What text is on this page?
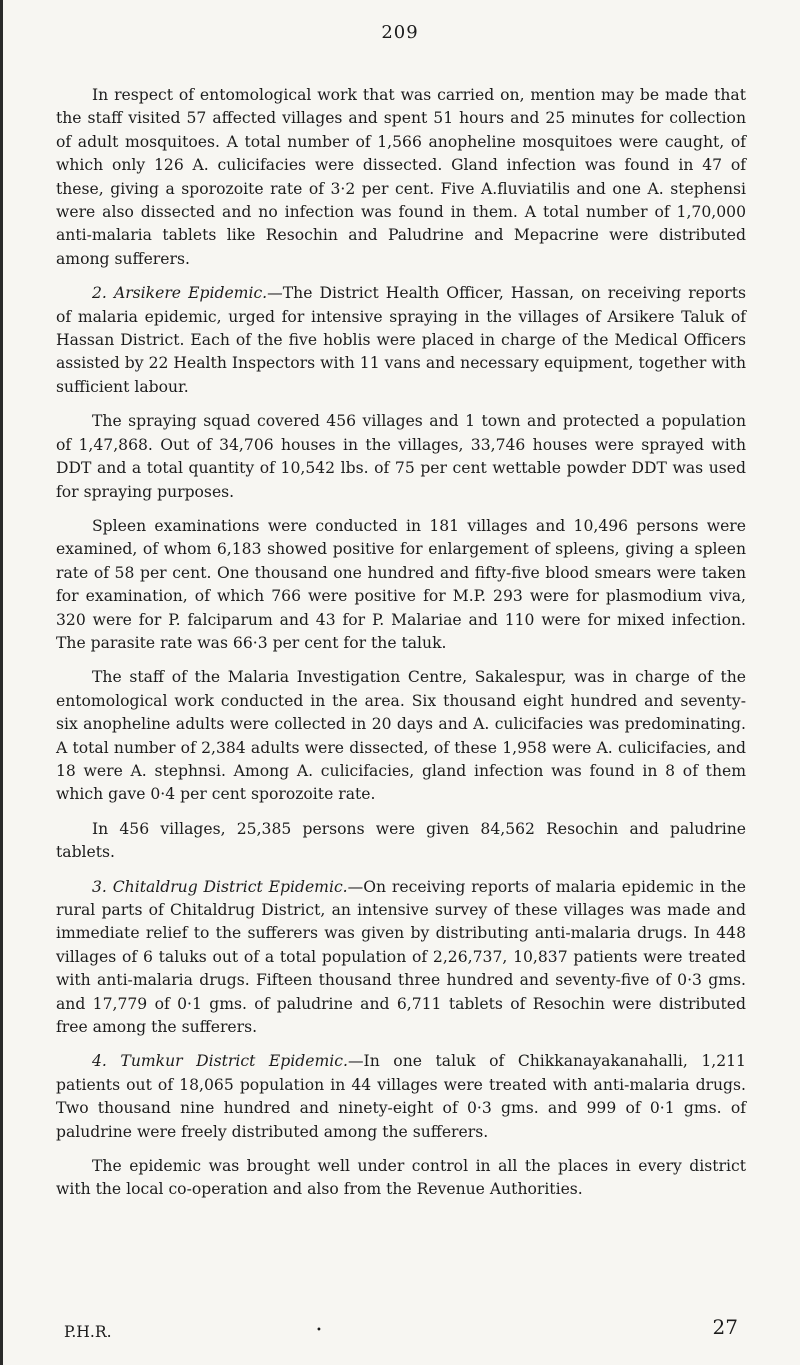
209

In respect of entomological work that was carried on, mention may be made that the staff visited 57 affected villages and spent 51 hours and 25 minutes for collection of adult mosquitoes. A total number of 1,566 anopheline mosquitoes were caught, of which only 126 A. culicifacies were dissected. Gland infection was found in 47 of these, giving a sporozoite rate of 3·2 per cent. Five A.fluviatilis and one A. stephensi were also dissected and no infection was found in them. A total number of 1,70,000 anti-malaria tablets like Resochin and Paludrine and Mepacrine were distributed among sufferers.

2. Arsikere Epidemic.—The District Health Officer, Hassan, on receiving reports of malaria epidemic, urged for intensive spraying in the villages of Arsikere Taluk of Hassan District. Each of the five hoblis were placed in charge of the Medical Officers assisted by 22 Health Inspectors with 11 vans and necessary equipment, together with sufficient labour.

The spraying squad covered 456 villages and 1 town and protected a population of 1,47,868. Out of 34,706 houses in the villages, 33,746 houses were sprayed with DDT and a total quantity of 10,542 lbs. of 75 per cent wettable powder DDT was used for spraying purposes.

Spleen examinations were conducted in 181 villages and 10,496 persons were examined, of whom 6,183 showed positive for enlargement of spleens, giving a spleen rate of 58 per cent. One thousand one hundred and fifty-five blood smears were taken for examination, of which 766 were positive for M.P. 293 were for plasmodium viva, 320 were for P. falciparum and 43 for P. Malariae and 110 were for mixed infection. The parasite rate was 66·3 per cent for the taluk.

The staff of the Malaria Investigation Centre, Sakalespur, was in charge of the entomological work conducted in the area. Six thousand eight hundred and seventy-six anopheline adults were collected in 20 days and A. culicifacies was predominating. A total number of 2,384 adults were dissected, of these 1,958 were A. culicifacies, and 18 were A. stephnsi. Among A. culicifacies, gland infection was found in 8 of them which gave 0·4 per cent sporozoite rate.

In 456 villages, 25,385 persons were given 84,562 Resochin and paludrine tablets.

3. Chitaldrug District Epidemic.—On receiving reports of malaria epidemic in the rural parts of Chitaldrug District, an intensive survey of these villages was made and immediate relief to the sufferers was given by distributing anti-malaria drugs. In 448 villages of 6 taluks out of a total population of 2,26,737, 10,837 patients were treated with anti-malaria drugs. Fifteen thousand three hundred and seventy-five of 0·3 gms. and 17,779 of 0·1 gms. of paludrine and 6,711 tablets of Resochin were distributed free among the sufferers.

4. Tumkur District Epidemic.—In one taluk of Chikkanayakanahalli, 1,211 patients out of 18,065 population in 44 villages were treated with anti-malaria drugs. Two thousand nine hundred and ninety-eight of 0·3 gms. and 999 of 0·1 gms. of paludrine were freely distributed among the sufferers.

The epidemic was brought well under control in all the places in every district with the local co-operation and also from the Revenue Authorities.

P.H.R.	•	27
